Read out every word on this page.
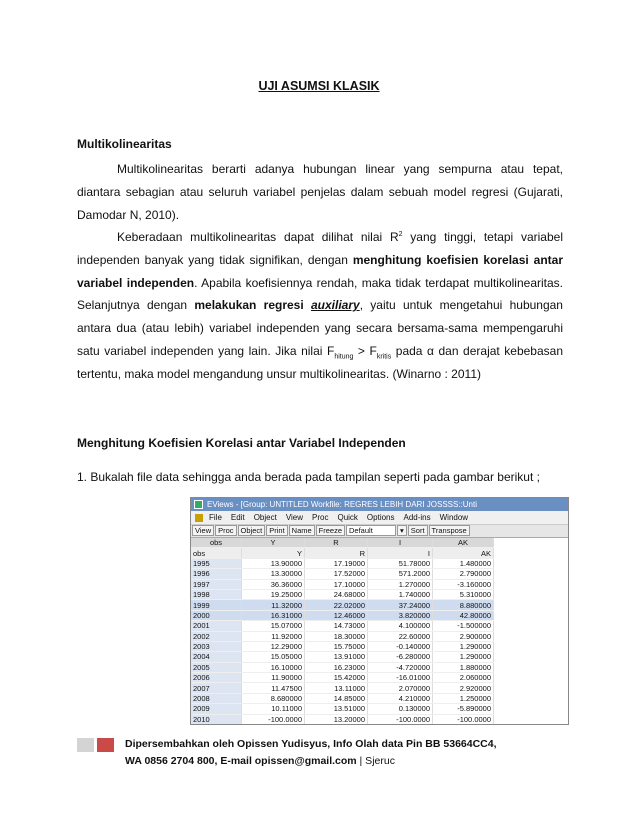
UJI ASUMSI KLASIK
Multikolinearitas
Multikolinearitas berarti adanya hubungan linear yang sempurna atau tepat, diantara sebagian atau seluruh variabel penjelas dalam sebuah model regresi (Gujarati, Damodar N, 2010).
Keberadaan multikolinearitas dapat dilihat nilai $R^2$ yang tinggi, tetapi variabel independen banyak yang tidak signifikan, dengan menghitung koefisien korelasi antar variabel independen. Apabila koefisiennya rendah, maka tidak terdapat multikolinearitas. Selanjutnya dengan melakukan regresi auxiliary, yaitu untuk mengetahui hubungan antara dua (atau lebih) variabel independen yang secara bersama-sama mempengaruhi satu variabel independen yang lain. Jika nilai $F_{hitung} > F_{kritis}$ pada α dan derajat kebebasan tertentu, maka model mengandung unsur multikolinearitas. (Winarno : 2011)
Menghitung Koefisien Korelasi antar Variabel Independen
1. Bukalah file data sehingga anda berada pada tampilan seperti pada gambar berikut ;
EViews - [Group: UNTITLED Workfile: REGRES LEBIH DARI JOSSSS::Unti
File Edit Object View Proc Quick Options Add-ins Window
View Proc Object Print Name Freeze Default	▾ Sort Transpose
obs	Y	R	I	AK
obs	Y	R	I	AK
1995	13.90000	17.19000	51.78000	1.480000
1996	13.30000	17.52000	571.2000	2.790000
1997	36.36000	17.10000	1.270000	-3.160000
1998	19.25000	24.68000	1.740000	5.310000
1999	11.32000	22.02000	37.24000	8.880000
2000	16.31000	12.46000	3.820000	42.80000
2001	15.07000	14.73000	4.100000	-1.500000
2002	11.92000	18.30000	22.60000	2.900000
2003	12.29000	15.75000	-0.140000	1.290000
2004	15.05000	13.91000	-6.280000	1.290000
2005	16.10000	16.23000	-4.720000	1.880000
2006	11.90000	15.42000	-16.01000	2.060000
2007	11.47500	13.11000	2.070000	2.920000
2008	8.680000	14.85000	4.210000	1.250000
2009	10.11000	13.51000	0.130000	-5.890000
2010	-100.0000	13.20000	-100.0000	-100.0000
Dipersembahkan oleh Opissen Yudisyus, Info Olah data Pin BB 53664CC4,
WA 0856 2704 800, E-mail opissen@gmail.com | Sjeruc
